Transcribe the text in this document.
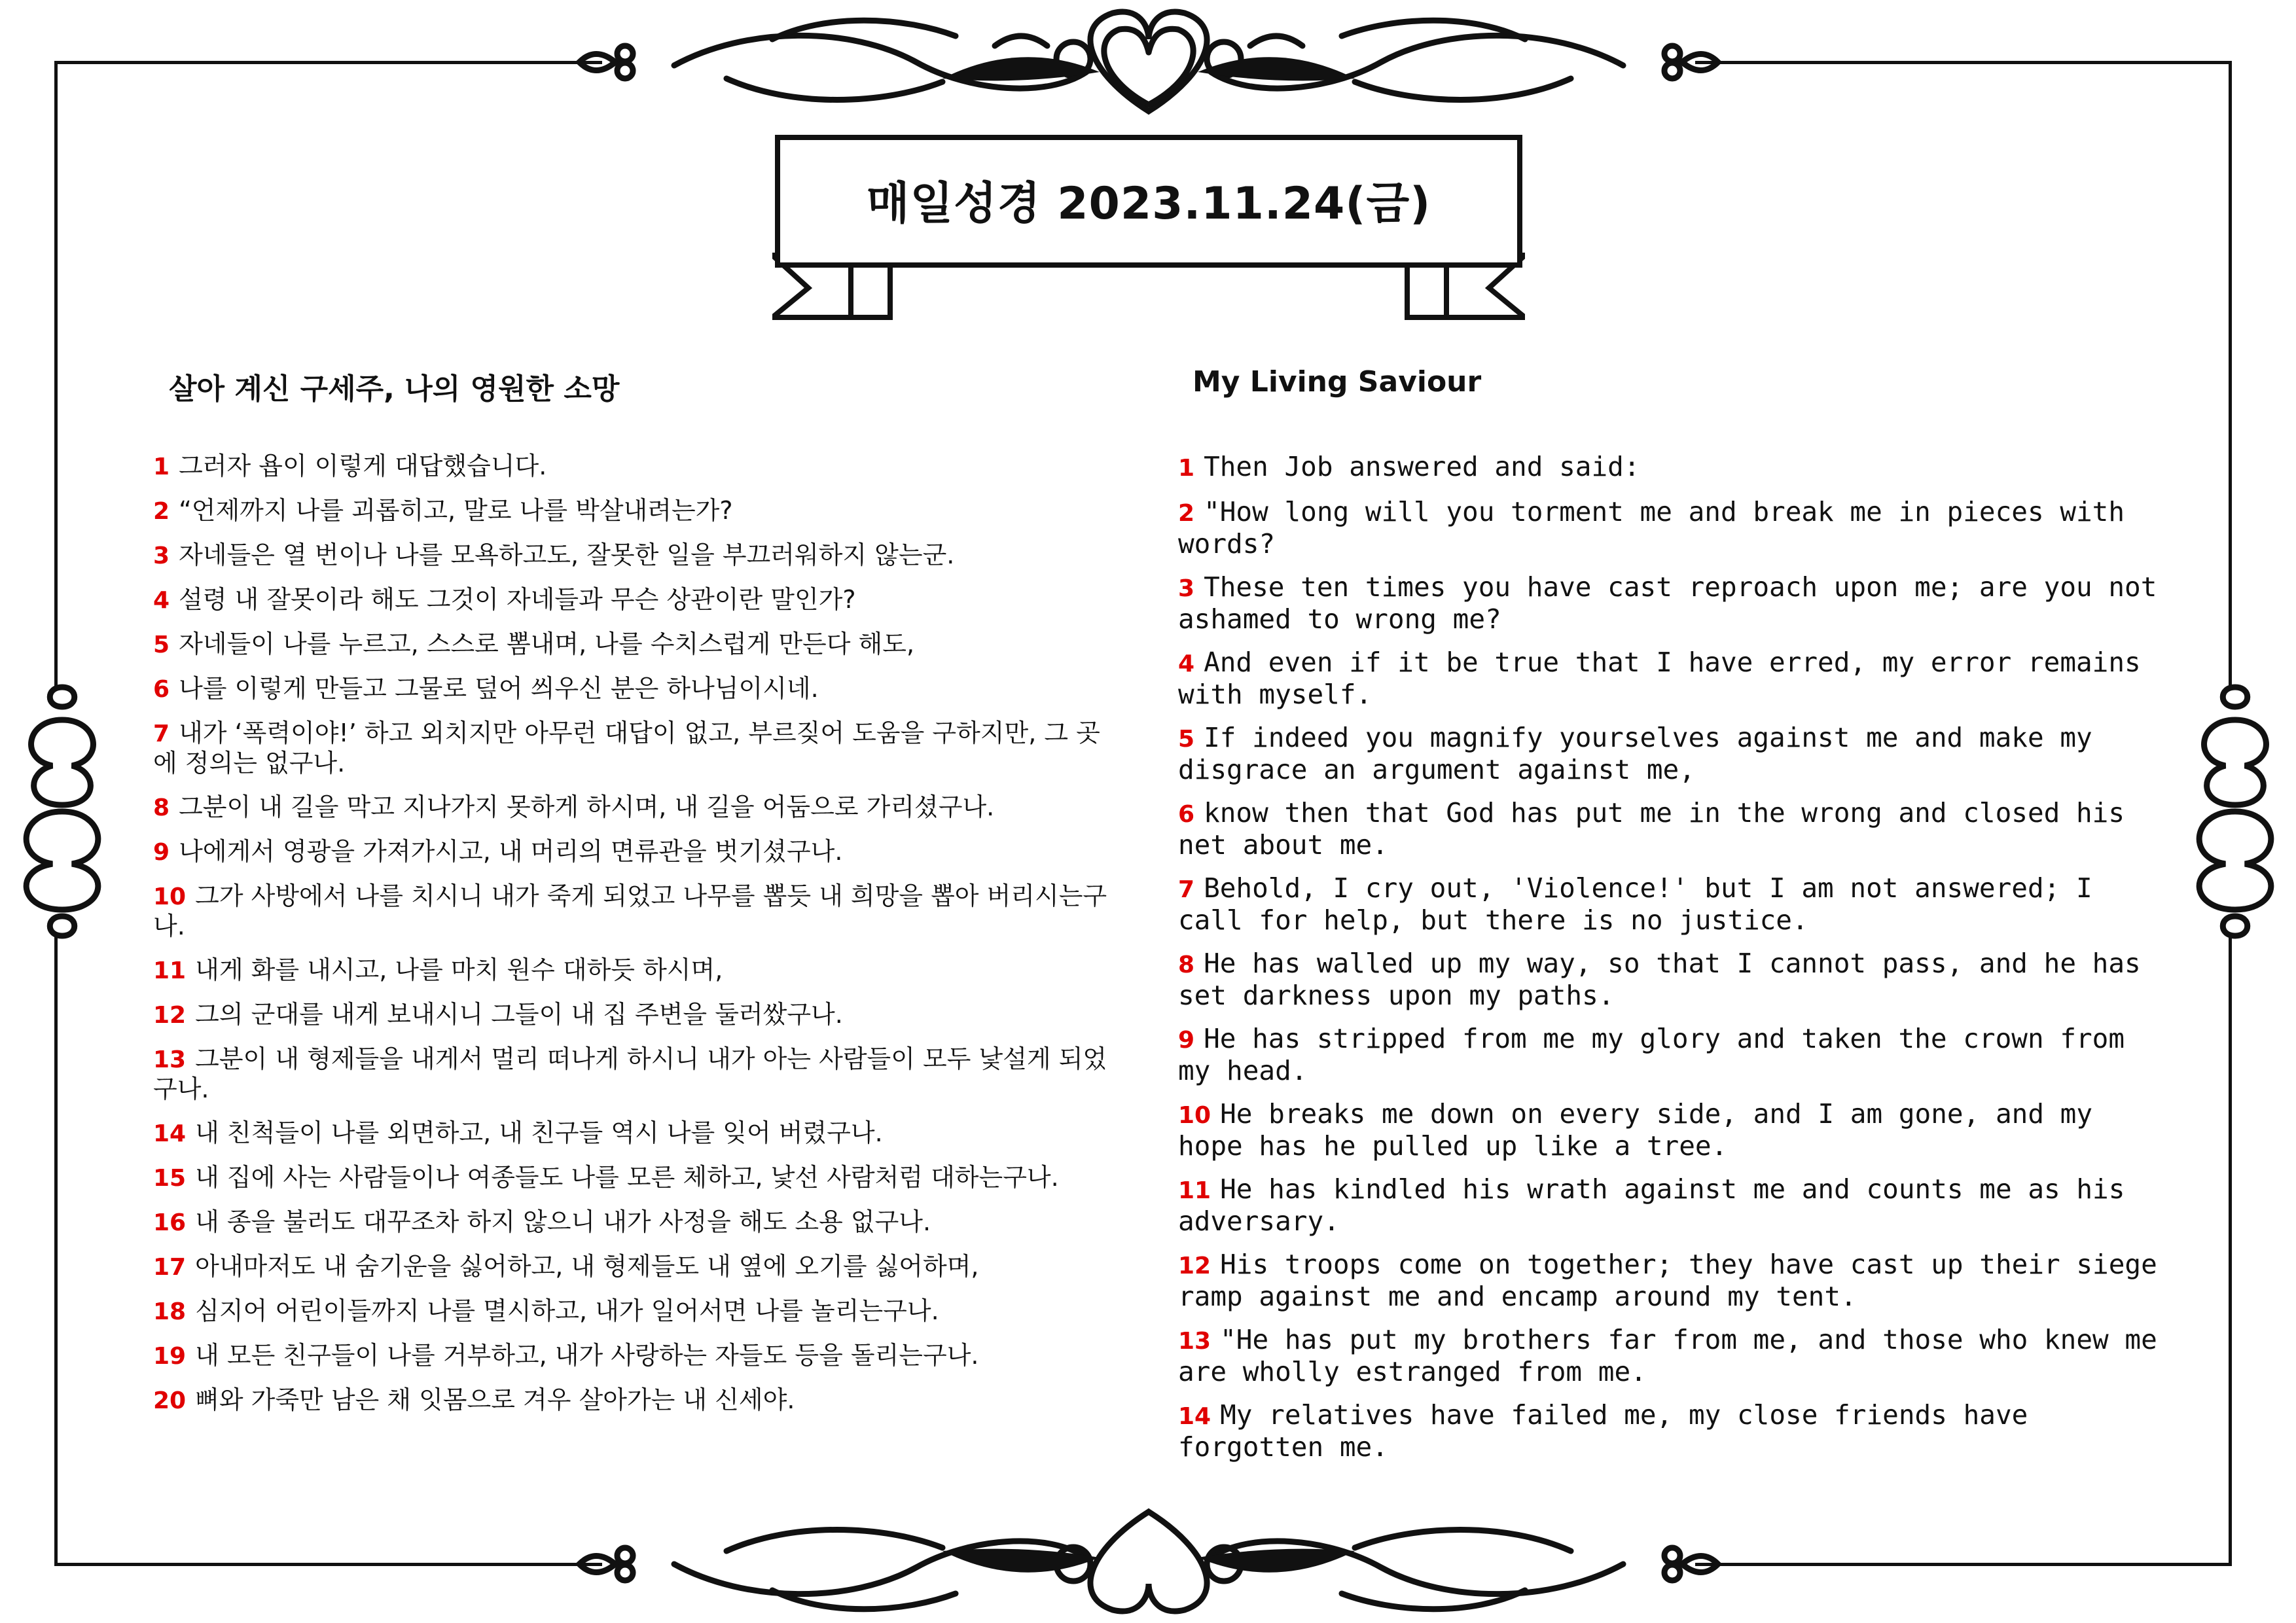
매일성경 2023.11.24(금)
살아 계신 구세주, 나의 영원한 소망

1 그러자 욥이 이렇게 대답했습니다.

2 “언제까지 나를 괴롭히고, 말로 나를 박살내려는가?

3 자네들은 열 번이나 나를 모욕하고도, 잘못한 일을 부끄러워하지 않는군.

4 설령 내 잘못이라 해도 그것이 자네들과 무슨 상관이란 말인가?

5 자네들이 나를 누르고, 스스로 뽐내며, 나를 수치스럽게 만든다 해도,

6 나를 이렇게 만들고 그물로 덮어 씌우신 분은 하나님이시네.

7 내가 ‘폭력이야!’ 하고 외치지만 아무런 대답이 없고, 부르짖어 도움을 구하지만, 그 곳에 정의는 없구나.

8 그분이 내 길을 막고 지나가지 못하게 하시며, 내 길을 어둠으로 가리셨구나.

9 나에게서 영광을 가져가시고, 내 머리의 면류관을 벗기셨구나.

10 그가 사방에서 나를 치시니 내가 죽게 되었고 나무를 뽑듯 내 희망을 뽑아 버리시는구나.

11 내게 화를 내시고, 나를 마치 원수 대하듯 하시며,

12 그의 군대를 내게 보내시니 그들이 내 집 주변을 둘러쌌구나.

13 그분이 내 형제들을 내게서 멀리 떠나게 하시니 내가 아는 사람들이 모두 낯설게 되었구나.

14 내 친척들이 나를 외면하고, 내 친구들 역시 나를 잊어 버렸구나.

15 내 집에 사는 사람들이나 여종들도 나를 모른 체하고, 낯선 사람처럼 대하는구나.

16 내 종을 불러도 대꾸조차 하지 않으니 내가 사정을 해도 소용 없구나.

17 아내마저도 내 숨기운을 싫어하고, 내 형제들도 내 옆에 오기를 싫어하며,

18 심지어 어린이들까지 나를 멸시하고, 내가 일어서면 나를 놀리는구나.

19 내 모든 친구들이 나를 거부하고, 내가 사랑하는 자들도 등을 돌리는구나.

20 뼈와 가죽만 남은 채 잇몸으로 겨우 살아가는 내 신세야.

My Living Saviour

1 Then Job answered and said:

2 "How long will you torment me and break me in pieces with words?

3 These ten times you have cast reproach upon me; are you not ashamed to wrong me?

4 And even if it be true that I have erred, my error remains with myself.

5 If indeed you magnify yourselves against me and make my disgrace an argument against me,

6 know then that God has put me in the wrong and closed his net about me.

7 Behold, I cry out, 'Violence!' but I am not answered; I call for help, but there is no justice.

8 He has walled up my way, so that I cannot pass, and he has set darkness upon my paths.

9 He has stripped from me my glory and taken the crown from my head.

10 He breaks me down on every side, and I am gone, and my hope has he pulled up like a tree.

11 He has kindled his wrath against me and counts me as his adversary.

12 His troops come on together; they have cast up their siege ramp against me and encamp around my tent.

13 "He has put my brothers far from me, and those who knew me are wholly estranged from me.

14 My relatives have failed me, my close friends have forgotten me.
